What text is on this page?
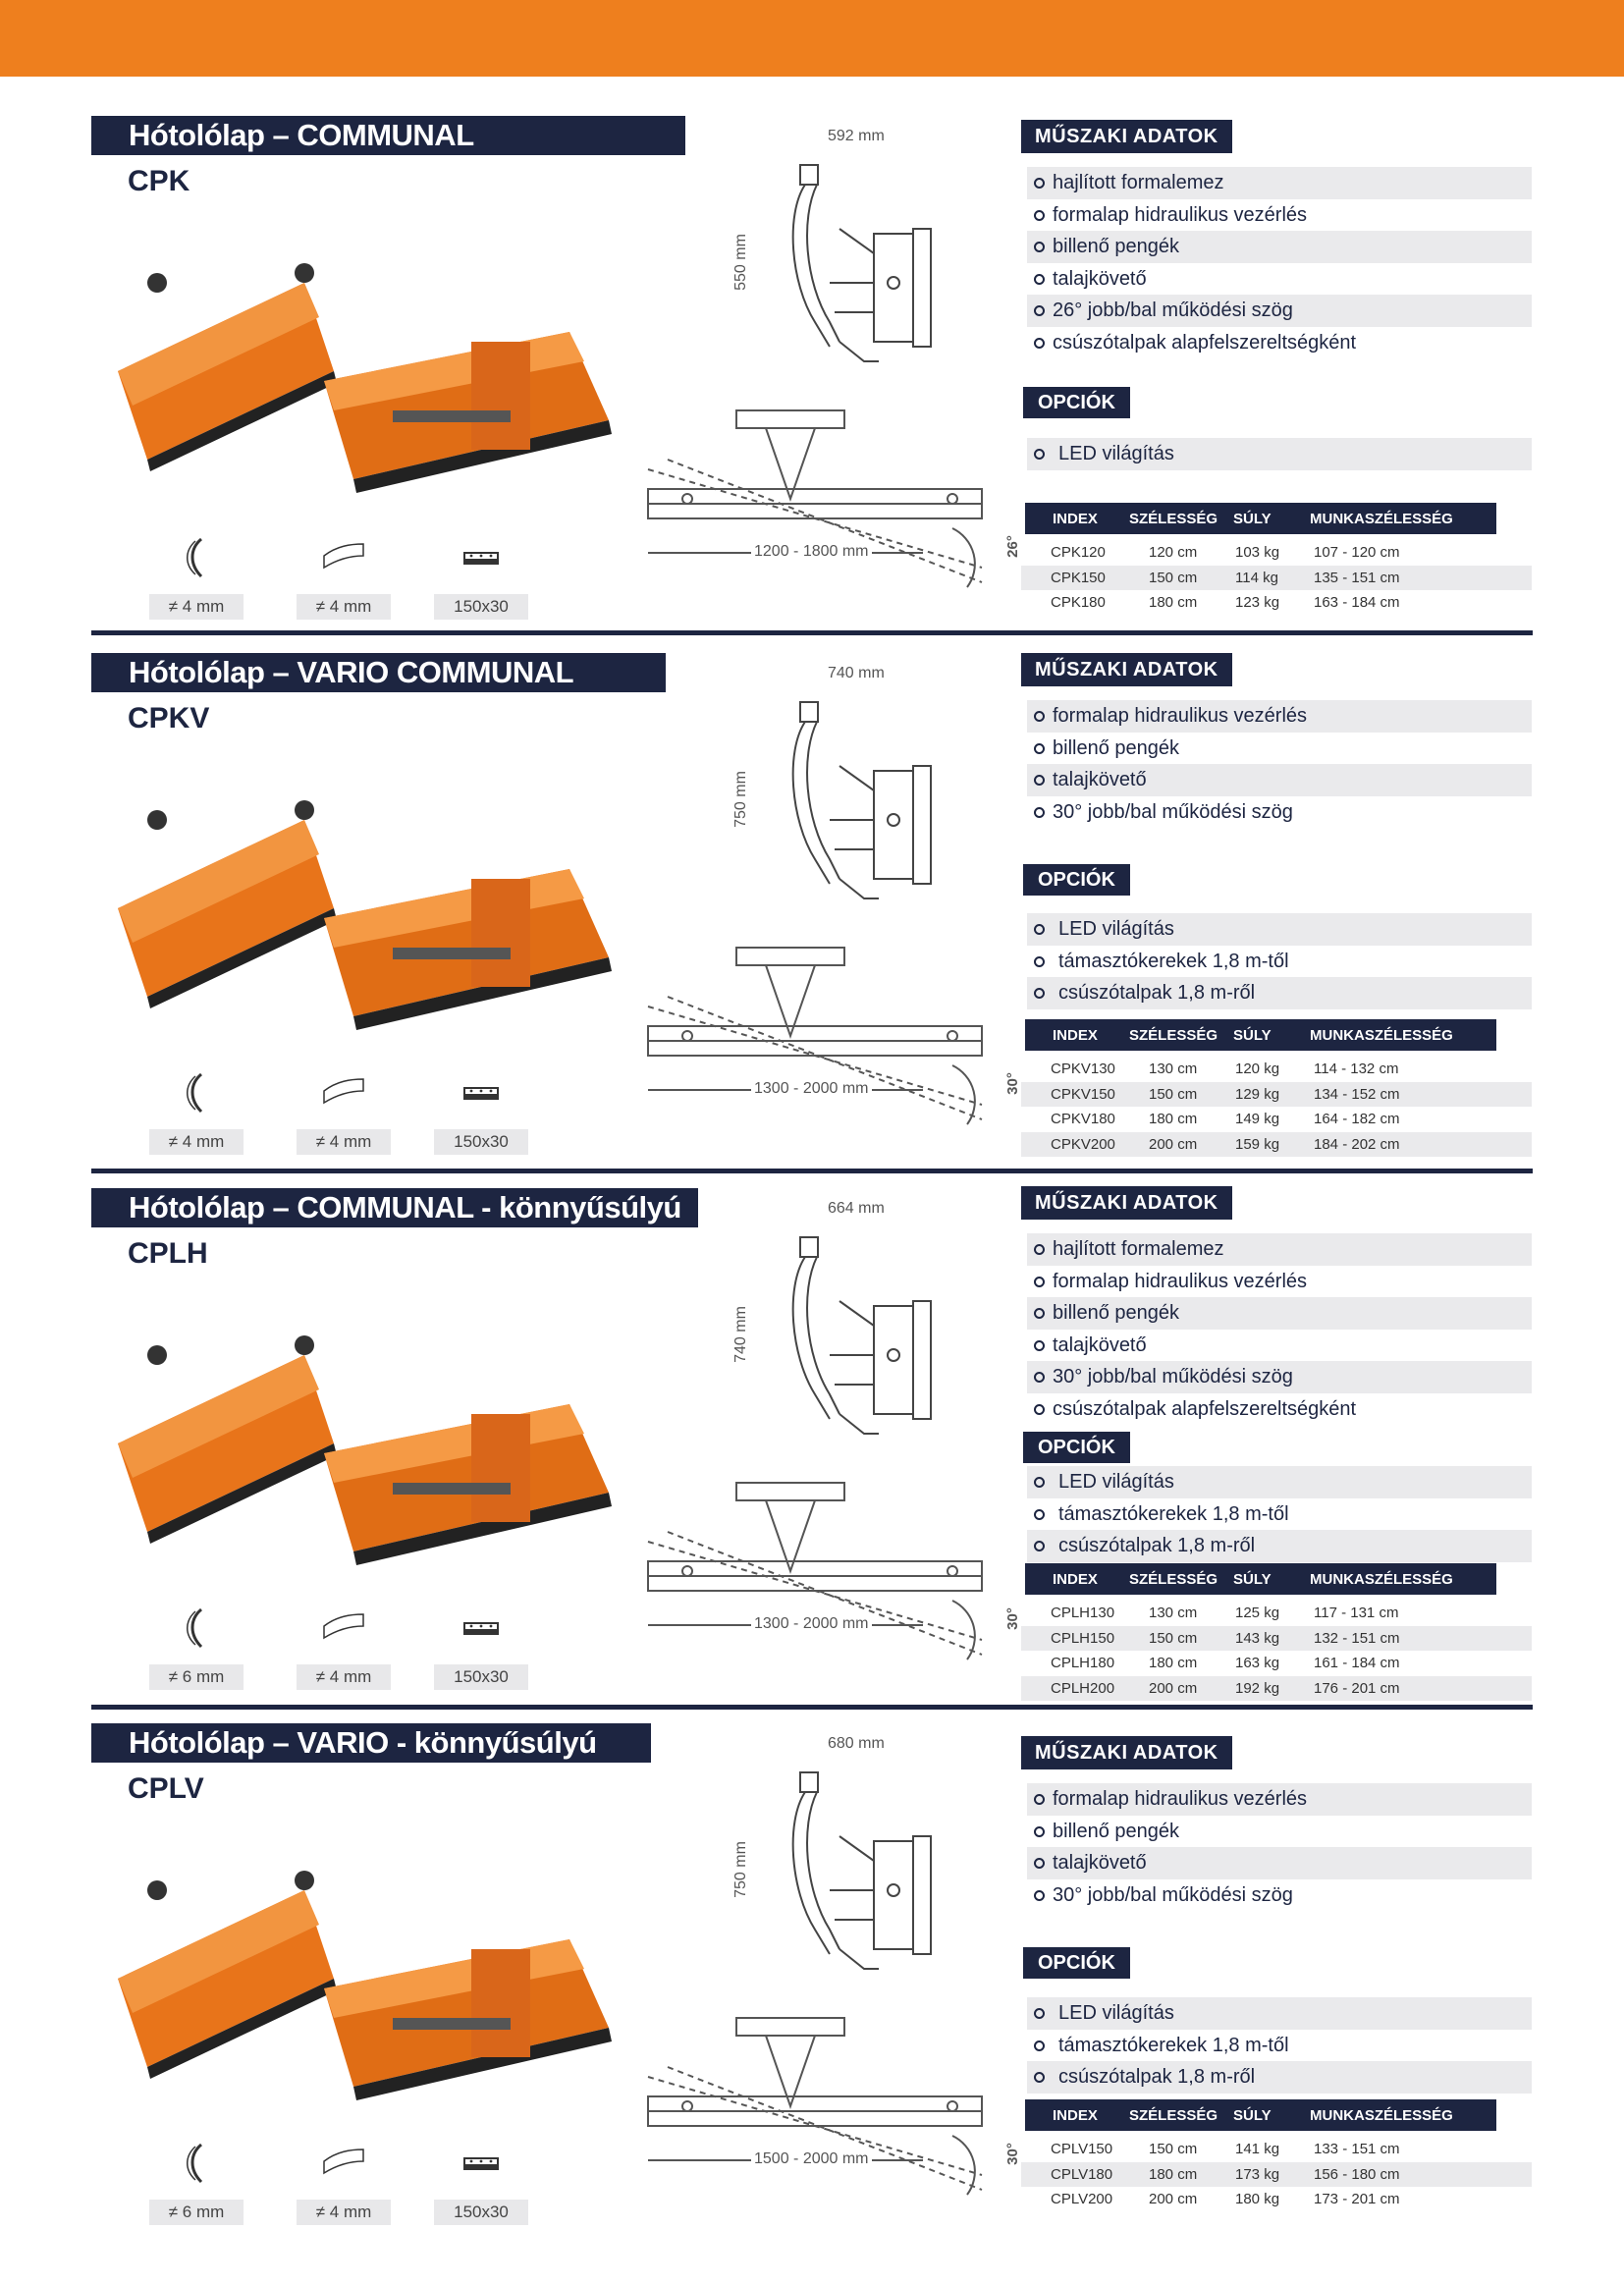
Hótolólap – COMMUNAL
CPK
592 mm
550 mm
1200 - 1800 mm	26°
Hótolólap – VARIO COMMUNAL
CPKV
740 mm
750 mm
1300 - 2000 mm	30°
Hótolólap – COMMUNAL - könnyűsúlyú
CPLH
664 mm
740 mm
1300 - 2000 mm	30°
Hótolólap – VARIO - könnyűsúlyú
CPLV
680 mm
750 mm
1500 - 2000 mm	30°
≠ 4 mm	≠ 4 mm	150x30
MŰSZAKI ADATOK
hajlított formalemez
formalap hidraulikus vezérlés
billenő pengék
talajkövető
26° jobb/bal működési szög
csúszótalpak alapfelszereltségként
OPCIÓK
LED világítás
INDEX SZÉLESSÉG SÚLY	MUNKASZÉLESSÉG
CPK120	120 cm	103 kg 107 - 120 cm
CPK150	150 cm	114 kg 135 - 151 cm
CPK180	180 cm	123 kg 163 - 184 cm
≠ 4 mm	≠ 4 mm	150x30
MŰSZAKI ADATOK
formalap hidraulikus vezérlés
billenő pengék
talajkövető
30° jobb/bal működési szög
OPCIÓK
LED világítás
támasztókerekek 1,8 m-től
csúszótalpak 1,8 m-ről
INDEX SZÉLESSÉG SÚLY	MUNKASZÉLESSÉG
CPKV130 130 cm	120 kg 114 - 132 cm
CPKV150 150 cm	129 kg 134 - 152 cm
CPKV180 180 cm	149 kg 164 - 182 cm
CPKV200 200 cm	159 kg 184 - 202 cm
≠ 6 mm	≠ 4 mm	150x30
MŰSZAKI ADATOK
hajlított formalemez
formalap hidraulikus vezérlés
billenő pengék
talajkövető
30° jobb/bal működési szög
csúszótalpak alapfelszereltségként
OPCIÓK
LED világítás
támasztókerekek 1,8 m-től
csúszótalpak 1,8 m-ről
INDEX SZÉLESSÉG SÚLY	MUNKASZÉLESSÉG
CPLH130 130 cm	125 kg 117 - 131 cm
CPLH150 150 cm	143 kg 132 - 151 cm
CPLH180 180 cm	163 kg 161 - 184 cm
CPLH200 200 cm	192 kg 176 - 201 cm
≠ 6 mm	≠ 4 mm	150x30
MŰSZAKI ADATOK
formalap hidraulikus vezérlés
billenő pengék
talajkövető
30° jobb/bal működési szög
OPCIÓK
LED világítás
támasztókerekek 1,8 m-től
csúszótalpak 1,8 m-ről
INDEX SZÉLESSÉG SÚLY	MUNKASZÉLESSÉG
CPLV150 150 cm	141 kg 133 - 151 cm
CPLV180 180 cm	173 kg 156 - 180 cm
CPLV200 200 cm	180 kg 173 - 201 cm
